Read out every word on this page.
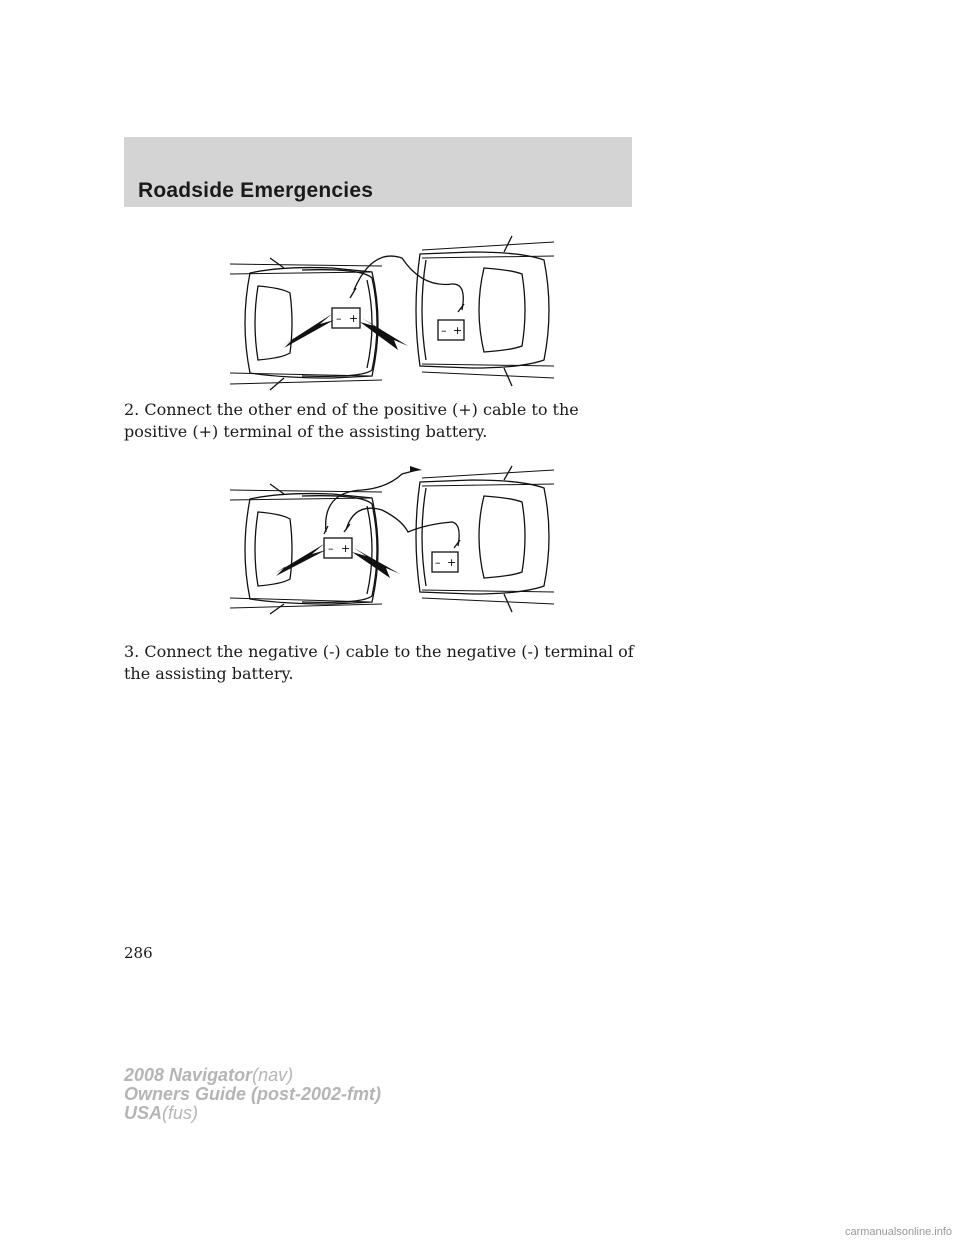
Roadside Emergencies
– +
– +
2. Connect the other end of the positive (+) cable to the positive (+) terminal of the assisting battery.
– +
– +
3. Connect the negative (-) cable to the negative (-) terminal of the assisting battery.
286
2008 Navigator(nav)
Owners Guide (post-2002-fmt)
USA(fus)
carmanualsonline.info
